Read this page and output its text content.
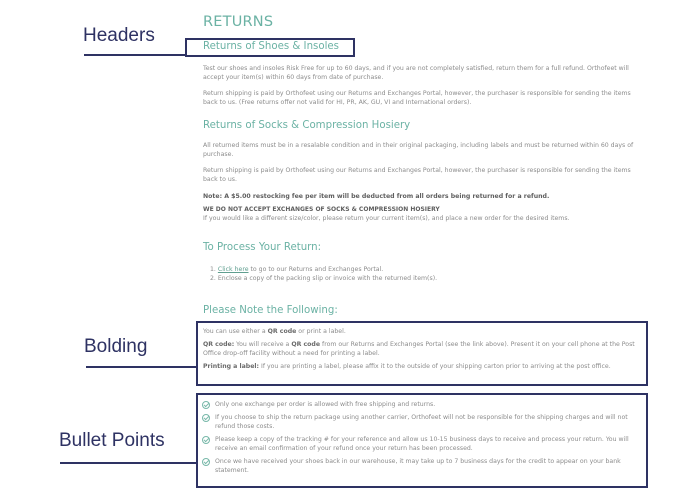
Headers
Bolding
Bullet Points
RETURNS
Returns of Shoes & Insoles

Test our shoes and insoles Risk Free for up to 60 days, and if you are not completely satisfied, return them for a full refund. Orthofeet will accept your item(s) within 60 days from date of purchase.

Return shipping is paid by Orthofeet using our Returns and Exchanges Portal, however, the purchaser is responsible for sending the items back to us. (Free returns offer not valid for HI, PR, AK, GU, VI and International orders).

Returns of Socks & Compression Hosiery

All returned items must be in a resalable condition and in their original packaging, including labels and must be returned within 60 days of purchase.

Return shipping is paid by Orthofeet using our Returns and Exchanges Portal, however, the purchaser is responsible for sending the items back to us.

Note: A $5.00 restocking fee per item will be deducted from all orders being returned for a refund.

WE DO NOT ACCEPT EXCHANGES OF SOCKS & COMPRESSION HOSIERY

If you would like a different size/color, please return your current item(s), and place a new order for the desired items.

To Process Your Return:
1. Click here to go to our Returns and Exchanges Portal.
2. Enclose a copy of the packing slip or invoice with the returned item(s).
Please Note the Following:

You can use either a QR code or print a label.

QR code: You will receive a QR code from our Returns and Exchanges Portal (see the link above). Present it on your cell phone at the Post Office drop-off facility without a need for printing a label.

Printing a label: If you are printing a label, please affix it to the outside of your shipping carton prior to arriving at the post office.

Only one exchange per order is allowed with free shipping and returns.
If you choose to ship the return package using another carrier, Orthofeet will not be responsible for the shipping charges and will not refund those costs.
Please keep a copy of the tracking # for your reference and allow us 10-15 business days to receive and process your return. You will receive an email confirmation of your refund once your return has been processed.
Once we have received your shoes back in our warehouse, it may take up to 7 business days for the credit to appear on your bank statement.
